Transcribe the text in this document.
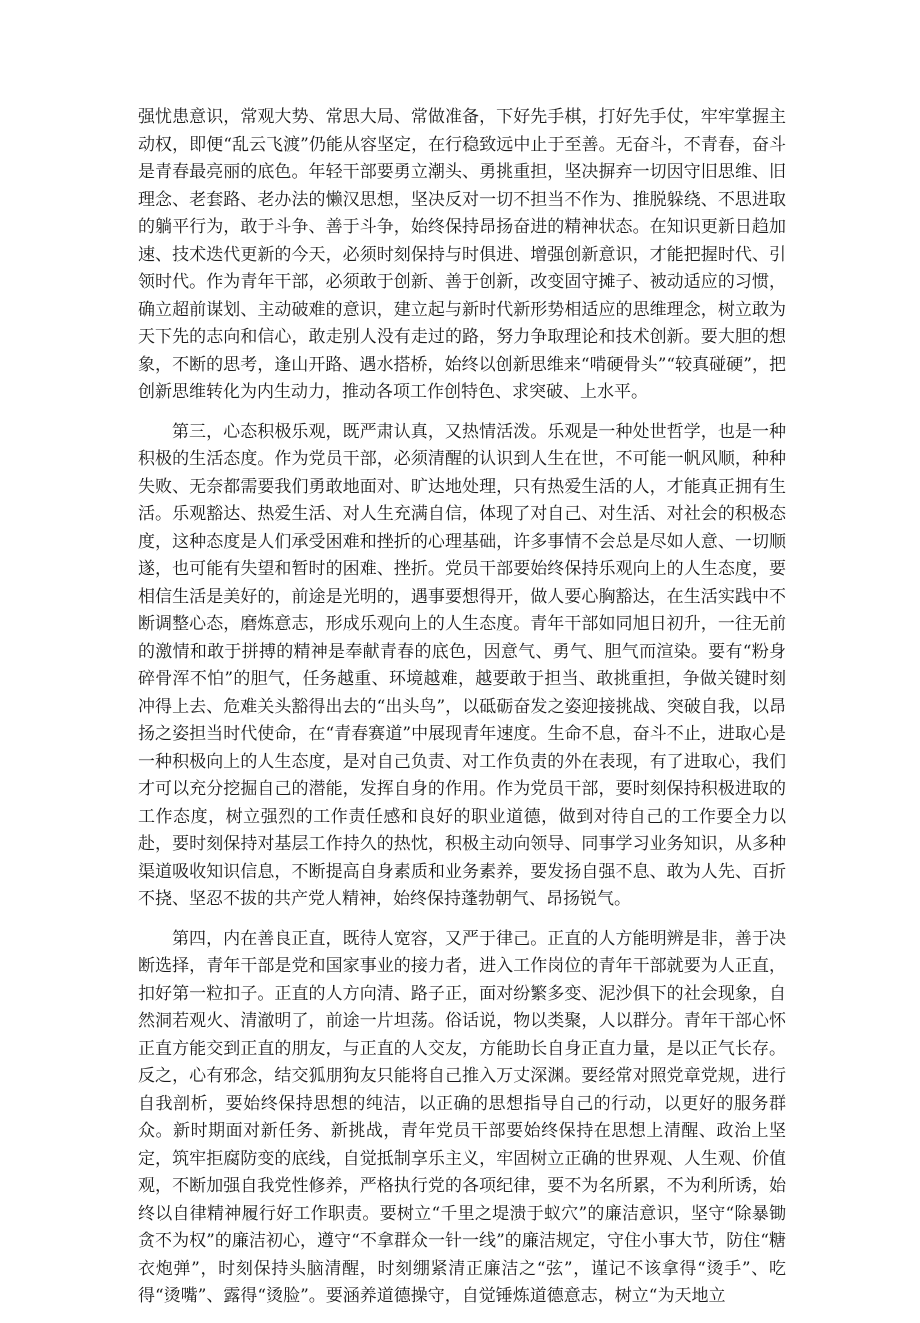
强忧患意识，常观大势、常思大局、常做准备，下好先手棋，打好先手仗，牢牢掌握主动权，即便“乱云飞渡”仍能从容坚定，在行稳致远中止于至善。无奋斗，不青春，奋斗是青春最亮丽的底色。年轻干部要勇立潮头、勇挑重担，坚决摒弃一切因守旧思维、旧理念、老套路、老办法的懒汉思想，坚决反对一切不担当不作为、推脱躲绕、不思进取的躺平行为，敢于斗争、善于斗争，始终保持昂扬奋进的精神状态。在知识更新日趋加速、技术迭代更新的今天，必须时刻保持与时俱进、增强创新意识，才能把握时代、引领时代。作为青年干部，必须敢于创新、善于创新，改变固守摊子、被动适应的习惯，确立超前谋划、主动破难的意识，建立起与新时代新形势相适应的思维理念，树立敢为天下先的志向和信心，敢走别人没有走过的路，努力争取理论和技术创新。要大胆的想象，不断的思考，逢山开路、遇水搭桥，始终以创新思维来“啃硬骨头”“较真碰硬”，把创新思维转化为内生动力，推动各项工作创特色、求突破、上水平。

第三，心态积极乐观，既严肃认真，又热情活泼。乐观是一种处世哲学，也是一种积极的生活态度。作为党员干部，必须清醒的认识到人生在世，不可能一帆风顺，种种失败、无奈都需要我们勇敢地面对、旷达地处理，只有热爱生活的人，才能真正拥有生活。乐观豁达、热爱生活、对人生充满自信，体现了对自己、对生活、对社会的积极态度，这种态度是人们承受困难和挫折的心理基础，许多事情不会总是尽如人意、一切顺遂，也可能有失望和暂时的困难、挫折。党员干部要始终保持乐观向上的人生态度，要相信生活是美好的，前途是光明的，遇事要想得开，做人要心胸豁达，在生活实践中不断调整心态，磨炼意志，形成乐观向上的人生态度。青年干部如同旭日初升，一往无前的激情和敢于拼搏的精神是奉献青春的底色，因意气、勇气、胆气而渲染。要有“粉身碎骨浑不怕”的胆气，任务越重、环境越难，越要敢于担当、敢挑重担，争做关键时刻冲得上去、危难关头豁得出去的“出头鸟”，以砥砺奋发之姿迎接挑战、突破自我，以昂扬之姿担当时代使命，在“青春赛道”中展现青年速度。生命不息，奋斗不止，进取心是一种积极向上的人生态度，是对自己负责、对工作负责的外在表现，有了进取心，我们才可以充分挖掘自己的潜能，发挥自身的作用。作为党员干部，要时刻保持积极进取的工作态度，树立强烈的工作责任感和良好的职业道德，做到对待自己的工作要全力以赴，要时刻保持对基层工作持久的热忱，积极主动向领导、同事学习业务知识，从多种渠道吸收知识信息，不断提高自身素质和业务素养，要发扬自强不息、敢为人先、百折不挠、坚忍不拔的共产党人精神，始终保持蓬勃朝气、昂扬锐气。

第四，内在善良正直，既待人宽容，又严于律己。正直的人方能明辨是非，善于决断选择，青年干部是党和国家事业的接力者，进入工作岗位的青年干部就要为人正直，扣好第一粒扣子。正直的人方向清、路子正，面对纷繁多变、泥沙俱下的社会现象，自然洞若观火、清澈明了，前途一片坦荡。俗话说，物以类聚，人以群分。青年干部心怀正直方能交到正直的朋友，与正直的人交友，方能助长自身正直力量，是以正气长存。反之，心有邪念，结交狐朋狗友只能将自己推入万丈深渊。要经常对照党章党规，进行自我剖析，要始终保持思想的纯洁，以正确的思想指导自己的行动，以更好的服务群众。新时期面对新任务、新挑战，青年党员干部要始终保持在思想上清醒、政治上坚定，筑牢拒腐防变的底线，自觉抵制享乐主义，牢固树立正确的世界观、人生观、价值观，不断加强自我党性修养，严格执行党的各项纪律，要不为名所累，不为利所诱，始终以自律精神履行好工作职责。要树立“千里之堤溃于蚁穴”的廉洁意识，坚守“除暴锄贪不为权”的廉洁初心，遵守“不拿群众一针一线”的廉洁规定，守住小事大节，防住“糖衣炮弹”，时刻保持头脑清醒，时刻绷紧清正廉洁之“弦”，谨记不该拿得“烫手”、吃得“烫嘴”、露得“烫脸”。要涵养道德操守，自觉锤炼道德意志，树立“为天地立
